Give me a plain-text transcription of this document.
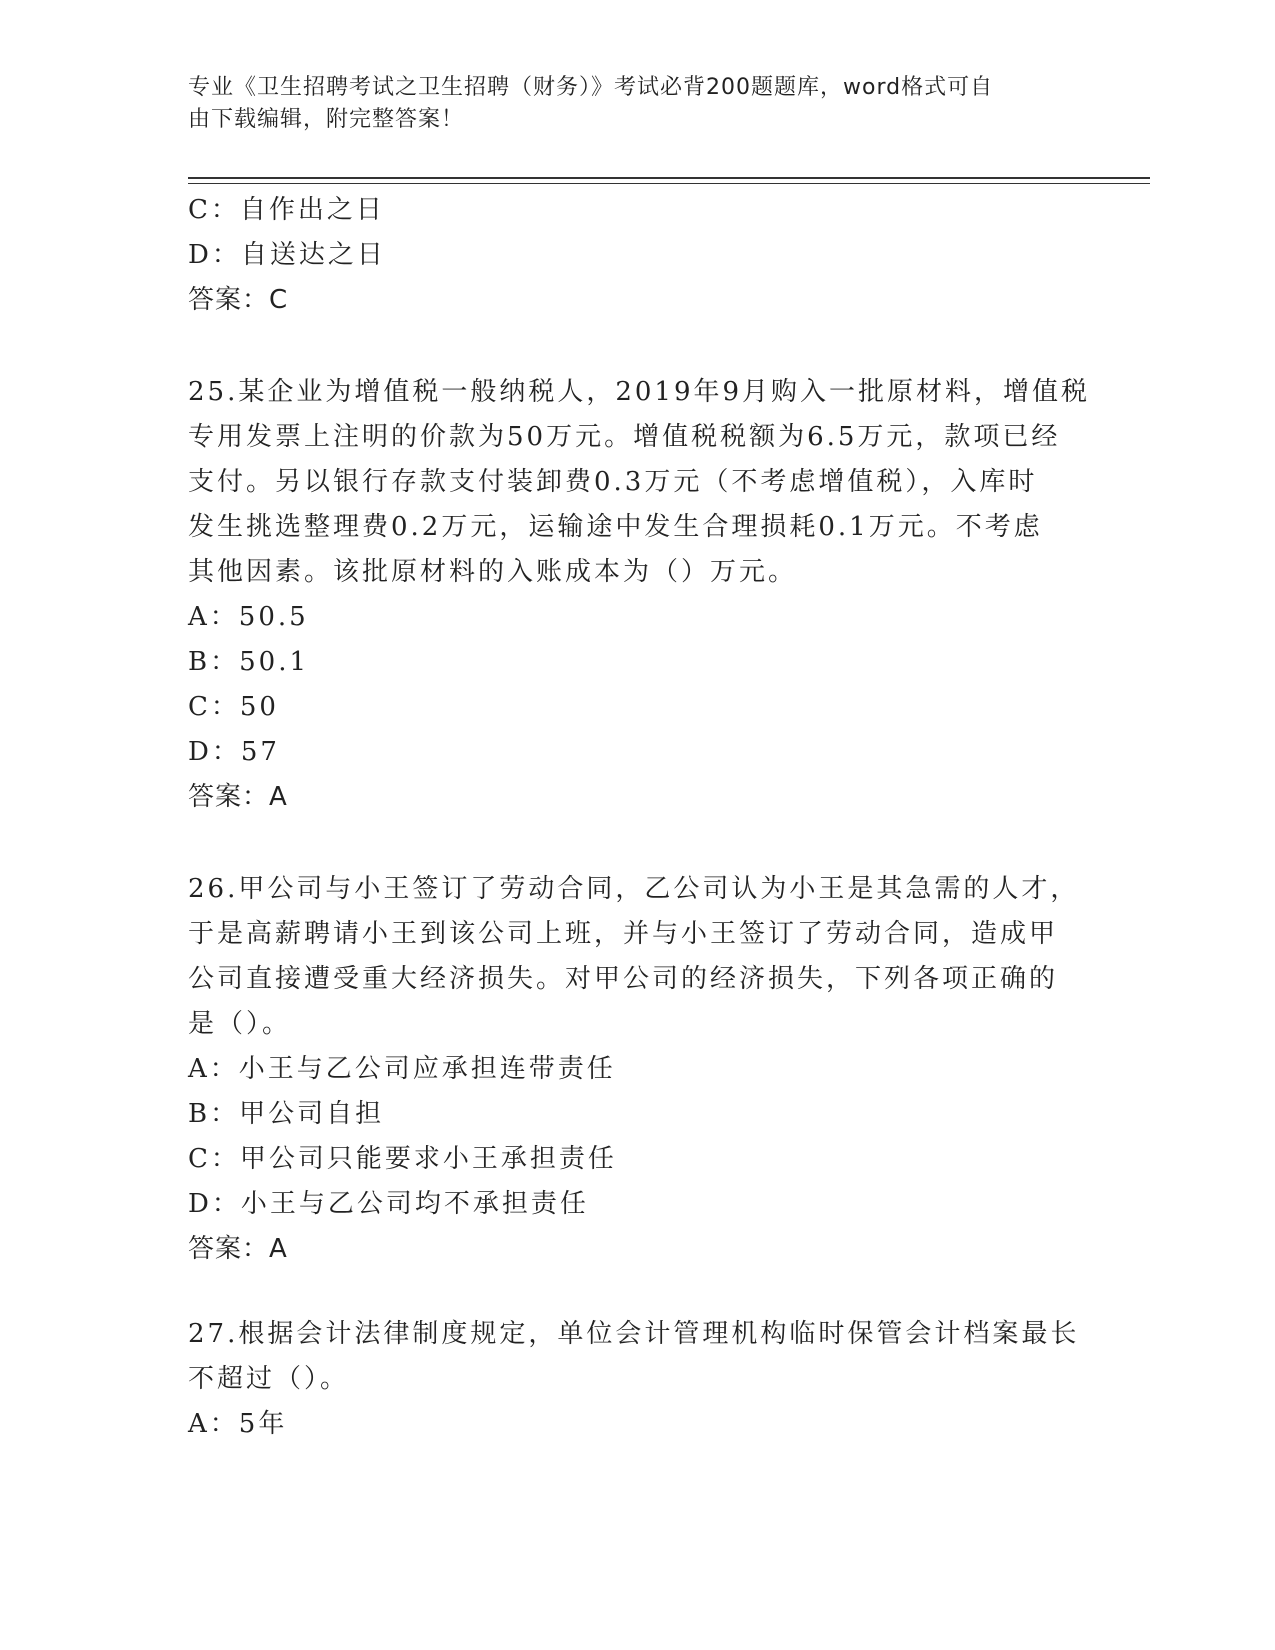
专业《卫生招聘考试之卫生招聘（财务）》考试必背200题题库，word格式可自
由下载编辑，附完整答案！
C：自作出之日
D：自送达之日
答案：C
25.某企业为增值税一般纳税人，2019年9月购入一批原材料，增值税
专用发票上注明的价款为50万元。增值税税额为6.5万元，款项已经
支付。另以银行存款支付装卸费0.3万元（不考虑增值税），入库时
发生挑选整理费0.2万元，运输途中发生合理损耗0.1万元。不考虑
其他因素。该批原材料的入账成本为（）万元。
A：50.5
B：50.1
C：50
D：57
答案：A
26.甲公司与小王签订了劳动合同，乙公司认为小王是其急需的人才，
于是高薪聘请小王到该公司上班，并与小王签订了劳动合同，造成甲
公司直接遭受重大经济损失。对甲公司的经济损失，下列各项正确的
是（）。
A：小王与乙公司应承担连带责任
B：甲公司自担
C：甲公司只能要求小王承担责任
D：小王与乙公司均不承担责任
答案：A
27.根据会计法律制度规定，单位会计管理机构临时保管会计档案最长
不超过（）。
A：5年
